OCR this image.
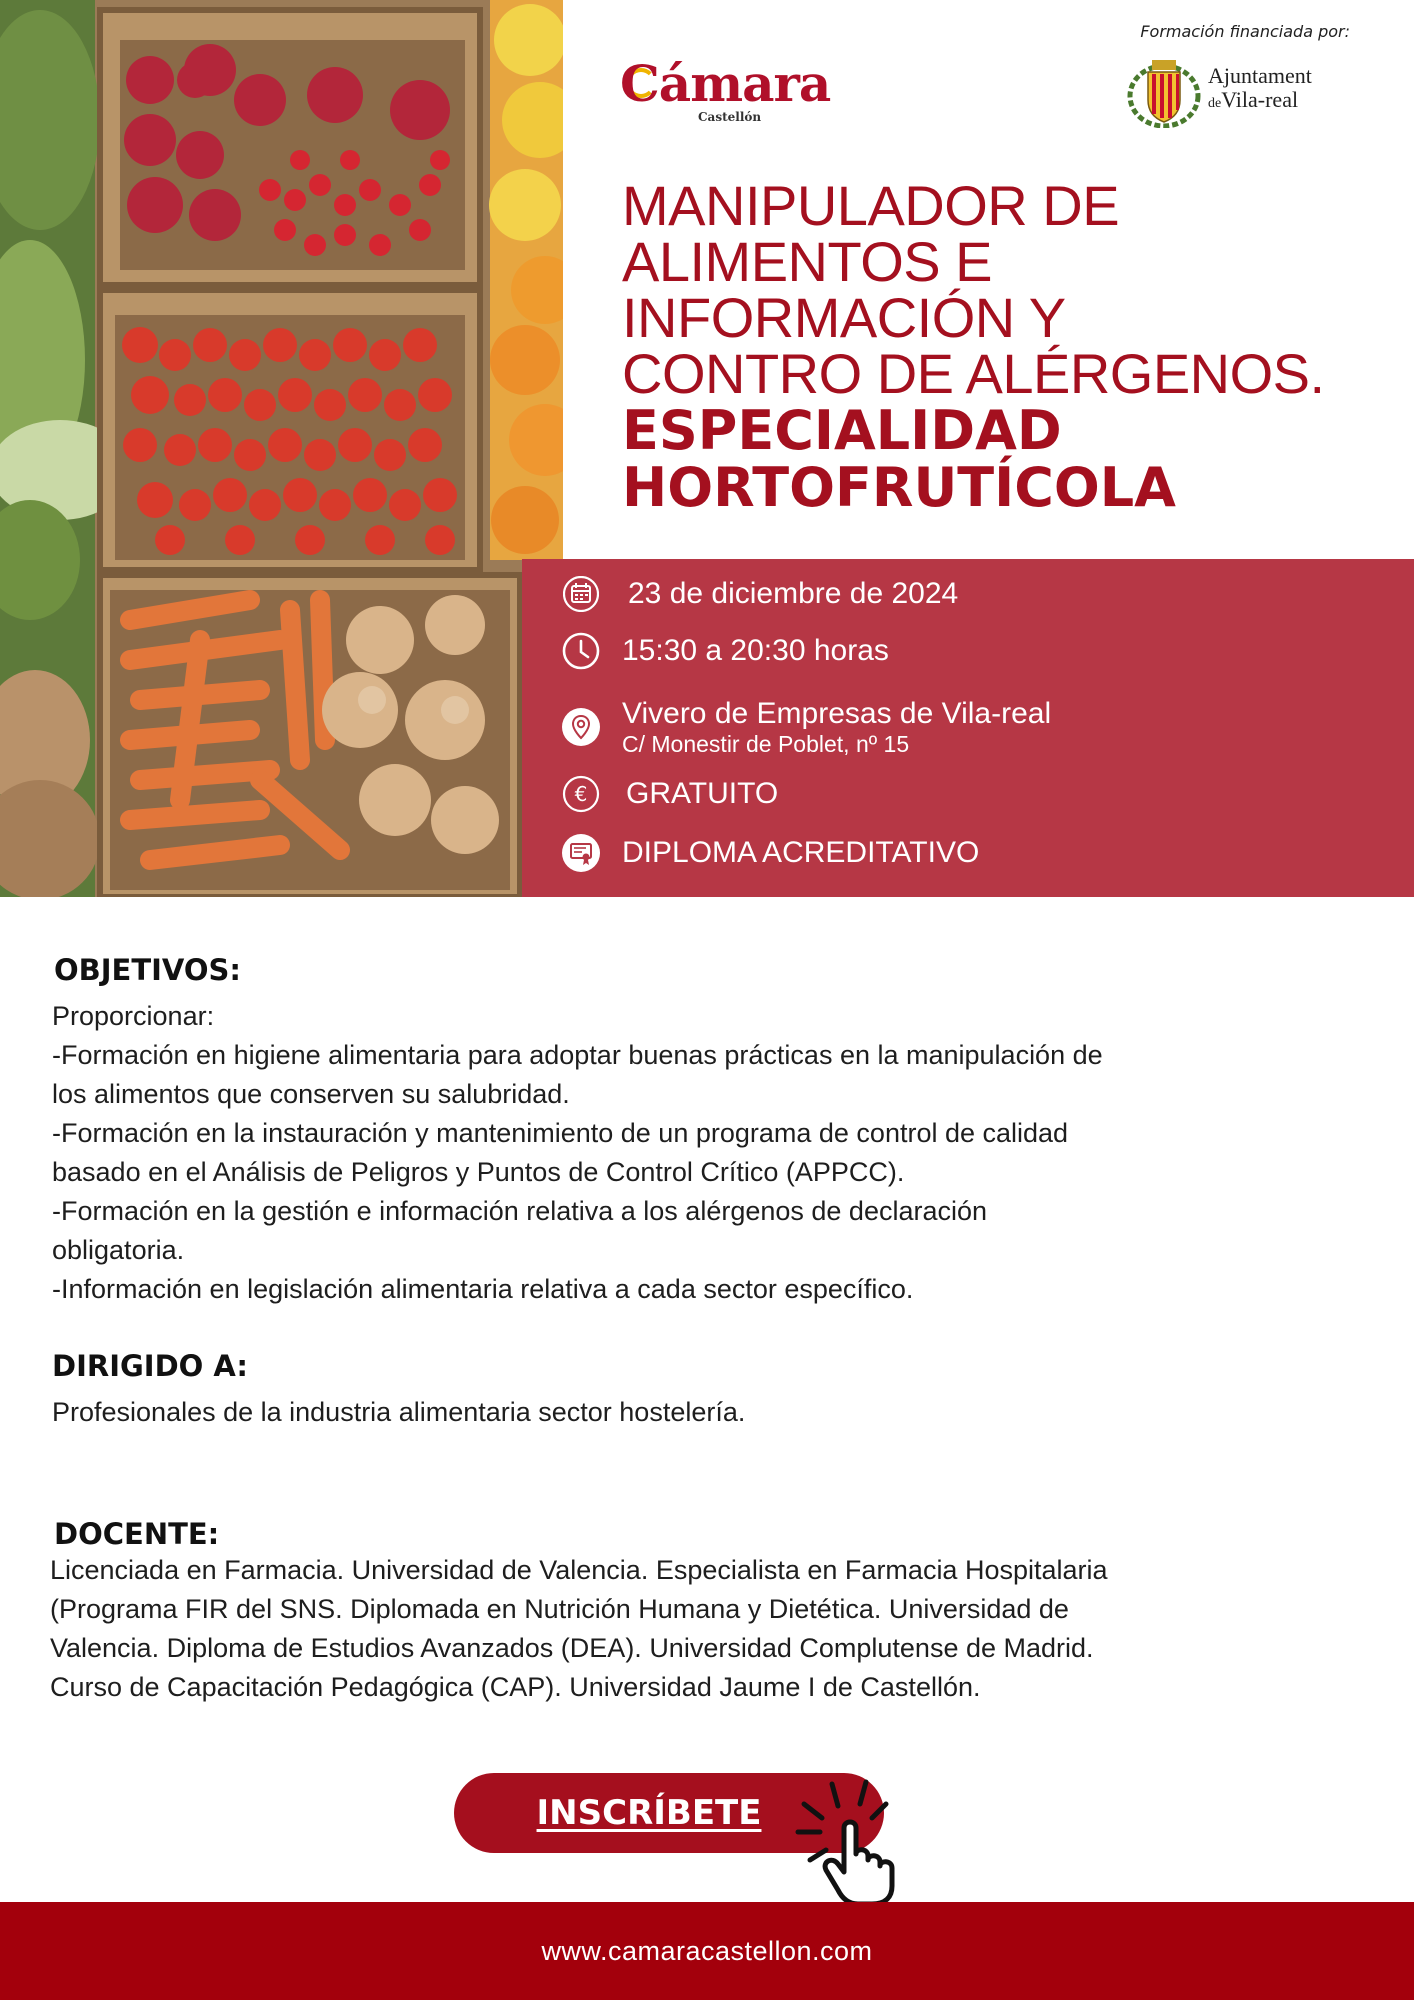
Formación financiada por:
Cámara
Castellón
Ajuntament
deVila-real
MANIPULADOR DE
ALIMENTOS E
INFORMACIÓN Y
CONTRO DE ALÉRGENOS.
ESPECIALIDAD
HORTOFRUTÍCOLA
23 de diciembre de 2024
15:30 a 20:30 horas
Vivero de Empresas de Vila-real
C/ Monestir de Poblet, nº 15
€ GRATUITO
DIPLOMA ACREDITATIVO
OBJETIVOS:
Proporcionar:
-Formación en higiene alimentaria para adoptar buenas prácticas en la manipulación de
los alimentos que conserven su salubridad.
-Formación en la instauración y mantenimiento de un programa de control de calidad
basado en el Análisis de Peligros y Puntos de Control Crítico (APPCC).
-Formación en la gestión e información relativa a los alérgenos de declaración
obligatoria.
-Información en legislación alimentaria relativa a cada sector específico.
DIRIGIDO A:
Profesionales de la industria alimentaria sector hostelería.
DOCENTE:
Licenciada en Farmacia. Universidad de Valencia. Especialista en Farmacia Hospitalaria
(Programa FIR del SNS. Diplomada en Nutrición Humana y Dietética. Universidad de
Valencia. Diploma de Estudios Avanzados (DEA). Universidad Complutense de Madrid.
Curso de Capacitación Pedagógica (CAP). Universidad Jaume I de Castellón.
INSCRÍBETE
www.camaracastellon.com
